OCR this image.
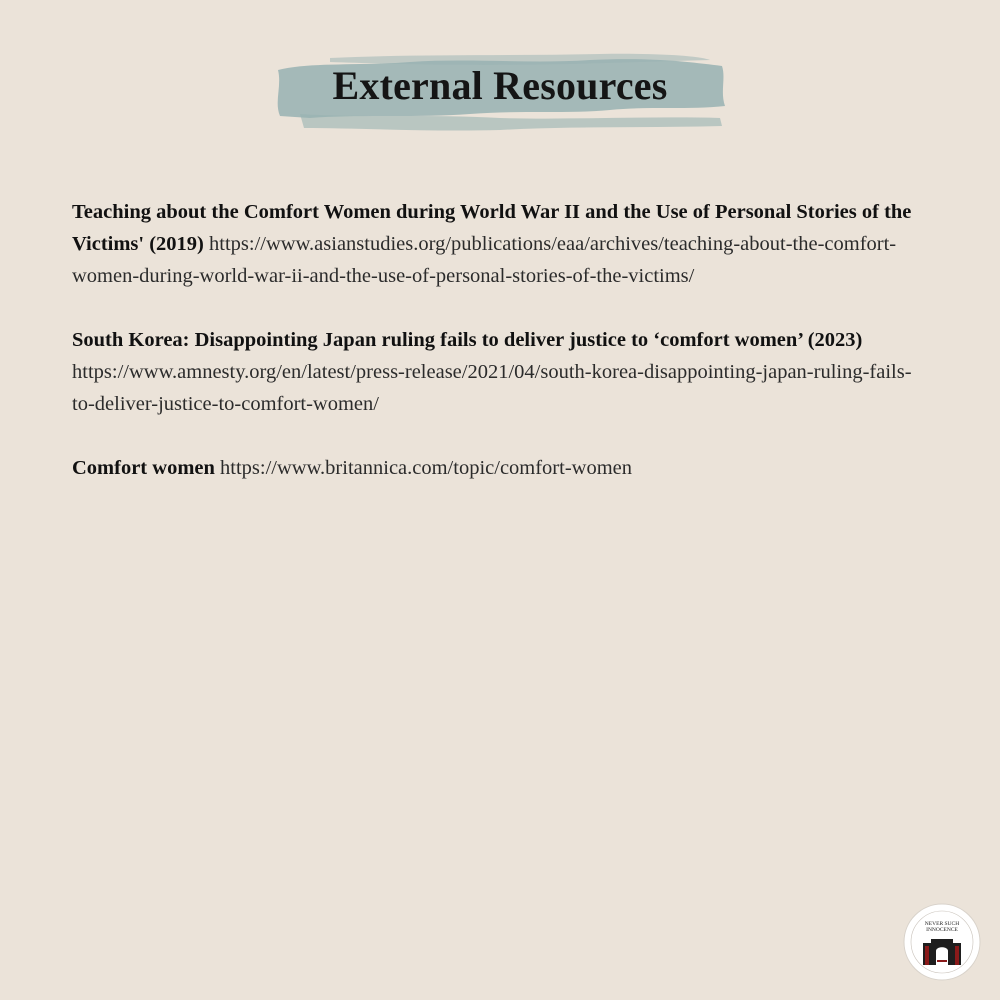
External Resources

Teaching about the Comfort Women during World War II and the Use of Personal Stories of the Victims' (2019) https://www.asianstudies.org/publications/eaa/archives/teaching-about-the-comfort-women-during-world-war-ii-and-the-use-of-personal-stories-of-the-victims/

South Korea: Disappointing Japan ruling fails to deliver justice to ‘comfort women’ (2023)
https://www.amnesty.org/en/latest/press-release/2021/04/south-korea-disappointing-japan-ruling-fails-to-deliver-justice-to-comfort-women/

Comfort women https://www.britannica.com/topic/comfort-women

NEVER SUCH
INNOCENCE
